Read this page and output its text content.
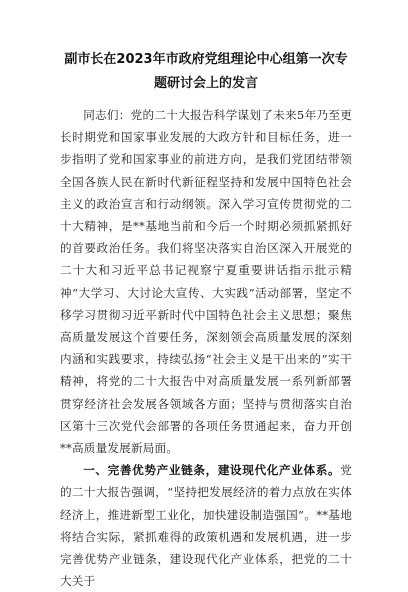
副市长在2023年市政府党组理论中心组第一次专题研讨会上的发言

同志们：党的二十大报告科学谋划了未来5年乃至更长时期党和国家事业发展的大政方针和目标任务，进一步指明了党和国家事业的前进方向，是我们党团结带领全国各族人民在新时代新征程坚持和发展中国特色社会主义的政治宣言和行动纲领。深入学习宣传贯彻党的二十大精神，是**基地当前和今后一个时期必须抓紧抓好的首要政治任务。我们将坚决落实自治区深入开展党的二十大和习近平总书记视察宁夏重要讲话指示批示精神“大学习、大讨论大宣传、大实践”活动部署，坚定不移学习贯彻习近平新时代中国特色社会主义思想；聚焦高质量发展这个首要任务，深刻领会高质量发展的深刻内涵和实践要求，持续弘扬“社会主义是干出来的”实干精神，将党的二十大报告中对高质量发展一系列新部署贯穿经济社会发展各领域各方面；坚持与贯彻落实自治区第十三次党代会部署的各项任务贯通起来，奋力开创**高质量发展新局面。

一、完善优势产业链条，建设现代化产业体系。党的二十大报告强调，“坚持把发展经济的着力点放在实体经济上，推进新型工业化，加快建设制造强国”。**基地将结合实际，紧抓难得的政策机遇和发展机遇，进一步完善优势产业链条，建设现代化产业体系，把党的二十大关于
